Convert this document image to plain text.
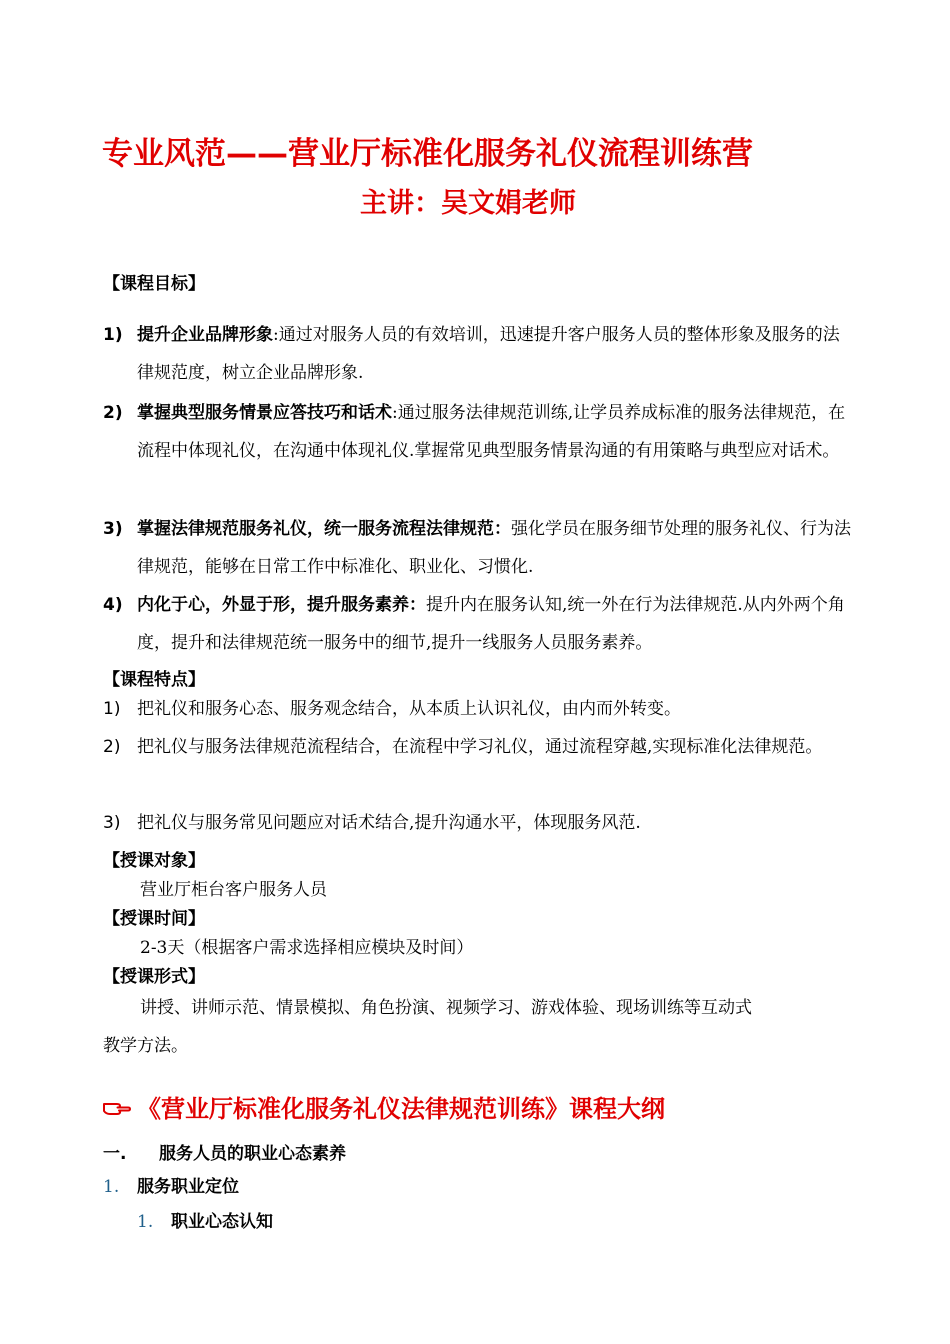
专业风范——营业厅标准化服务礼仪流程训练营
主讲：吴文娟老师
【课程目标】
1) 提升企业品牌形象:通过对服务人员的有效培训，迅速提升客户服务人员的整体形象及服务的法律规范度，树立企业品牌形象.
2) 掌握典型服务情景应答技巧和话术:通过服务法律规范训练,让学员养成标准的服务法律规范，在流程中体现礼仪，在沟通中体现礼仪.掌握常见典型服务情景沟通的有用策略与典型应对话术。
3) 掌握法律规范服务礼仪，统一服务流程法律规范：强化学员在服务细节处理的服务礼仪、行为法律规范，能够在日常工作中标准化、职业化、习惯化.
4) 内化于心，外显于形，提升服务素养：提升内在服务认知,统一外在行为法律规范.从内外两个角度，提升和法律规范统一服务中的细节,提升一线服务人员服务素养。
【课程特点】
1) 把礼仪和服务心态、服务观念结合，从本质上认识礼仪，由内而外转变。
2) 把礼仪与服务法律规范流程结合，在流程中学习礼仪，通过流程穿越,实现标准化法律规范。
3) 把礼仪与服务常见问题应对话术结合,提升沟通水平，体现服务风范.
【授课对象】
营业厅柜台客户服务人员
【授课时间】
2-3天（根据客户需求选择相应模块及时间）
【授课形式】
讲授、讲师示范、情景模拟、角色扮演、视频学习、游戏体验、现场训练等互动式
教学方法。
《营业厅标准化服务礼仪法律规范训练》课程大纲
一. 服务人员的职业心态素养
1. 服务职业定位
1. 职业心态认知
